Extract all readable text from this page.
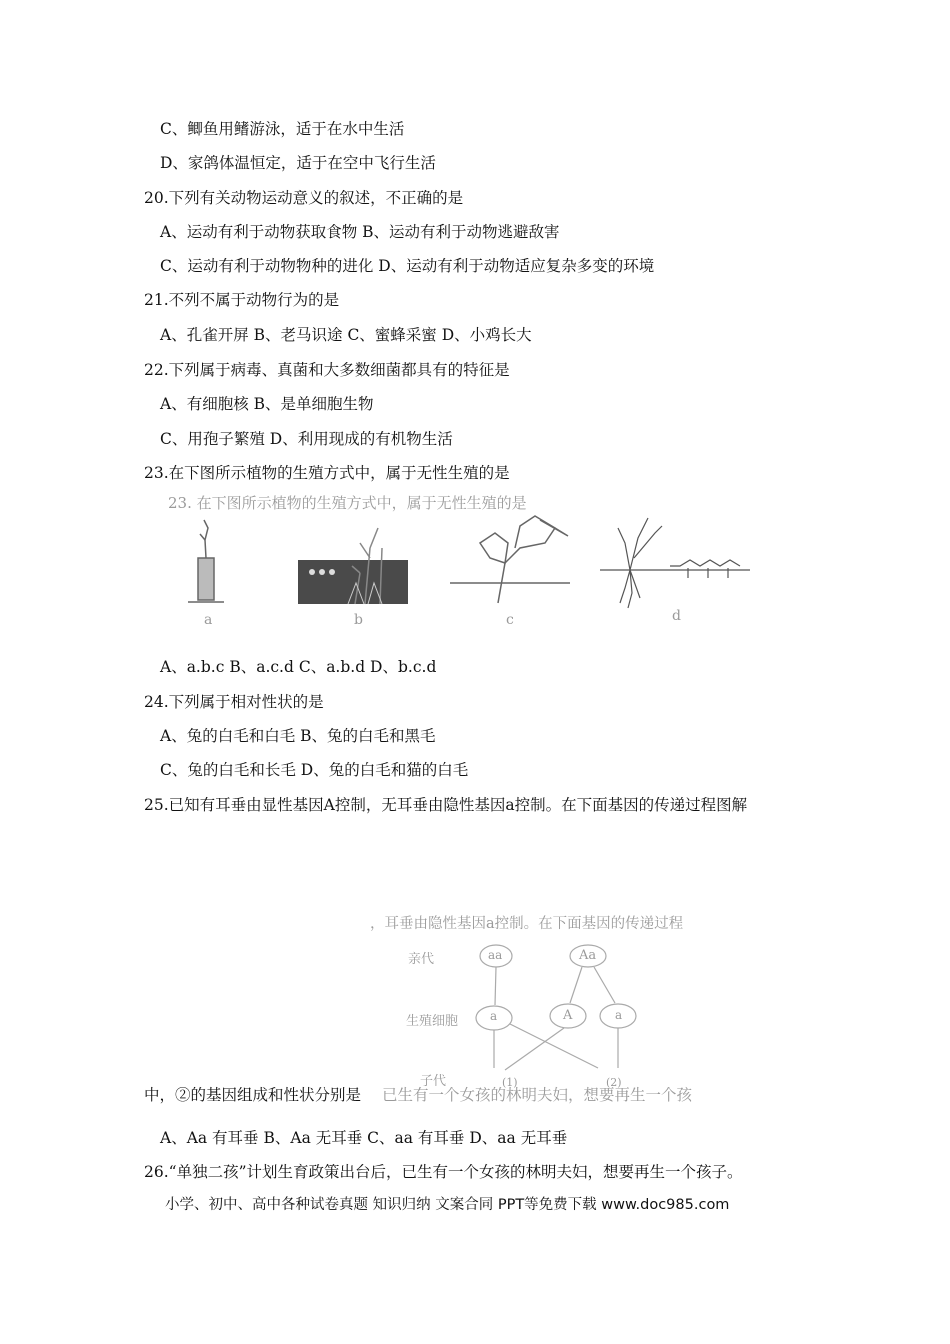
C、鲫鱼用鳍游泳，适于在水中生活
D、家鸽体温恒定，适于在空中飞行生活
20.下列有关动物运动意义的叙述，不正确的是
A、运动有利于动物获取食物 B、运动有利于动物逃避敌害
C、运动有利于动物物种的进化 D、运动有利于动物适应复杂多变的环境
21.不列不属于动物行为的是
A、孔雀开屏 B、老马识途 C、蜜蜂采蜜 D、小鸡长大
22.下列属于病毒、真菌和大多数细菌都具有的特征是
A、有细胞核 B、是单细胞生物
C、用孢子繁殖 D、利用现成的有机物生活
23.在下图所示植物的生殖方式中，属于无性生殖的是
23. 在下图所示植物的生殖方式中，属于无性生殖的是
a	b	c	d
A、a.b.c B、a.c.d C、a.b.d D、b.c.d
24.下列属于相对性状的是
A、兔的白毛和白毛 B、兔的白毛和黑毛
C、兔的白毛和长毛 D、兔的白毛和猫的白毛
25.已知有耳垂由显性基因A控制，无耳垂由隐性基因a控制。在下面基因的传递过程图解
，耳垂由隐性基因a控制。在下面基因的传递过程
亲代
生殖细胞
子代
aa	Aa
a	A	a
(1)	(2)
中，②的基因组成和性状分别是 已生有一个女孩的林明夫妇，想要再生一个孩
A、Aa 有耳垂 B、Aa 无耳垂 C、aa 有耳垂 D、aa 无耳垂
26.“单独二孩”计划生育政策出台后，已生有一个女孩的林明夫妇，想要再生一个孩子。
小学、初中、高中各种试卷真题 知识归纳 文案合同 PPT等免费下载 www.doc985.com
